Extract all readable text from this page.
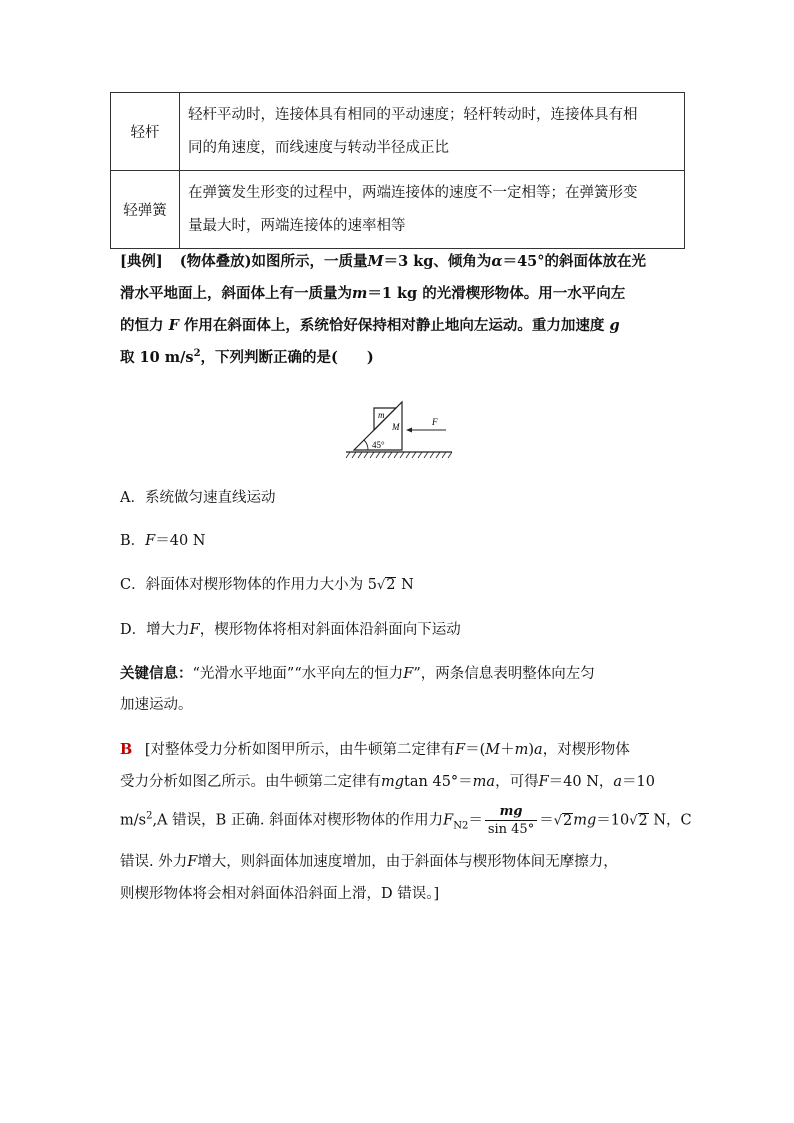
轻杆	轻杆平动时，连接体具有相同的平动速度；轻杆转动时，连接体具有相
同的角速度，而线速度与转动半径成正比

轻弹簧	在弹簧发生形变的过程中，两端连接体的速度不一定相等；在弹簧形变
量最大时，两端连接体的速率相等
[典例] (物体叠放)如图所示，一质量M＝3 kg、倾角为α＝45°的斜面体放在光
滑水平地面上，斜面体上有一质量为m＝1 kg 的光滑楔形物体。用一水平向左
的恒力 F 作用在斜面体上，系统恰好保持相对静止地向左运动。重力加速度 g
取 10 $m/s^2$，下列判断正确的是(　　)
m
M	F
45°
A．系统做匀速直线运动
B．F＝40 N
C．斜面体对楔形物体的作用力大小为 5√2 N
D．增大力F，楔形物体将相对斜面体沿斜面向下运动
关键信息：“光滑水平地面”“水平向左的恒力F”，两条信息表明整体向左匀
加速运动。
B [对整体受力分析如图甲所示，由牛顿第二定律有F＝(M＋m)a，对楔形物体
受力分析如图乙所示。由牛顿第二定律有mgtan 45°＝ma，可得F＝40 N，a＝10
$m/s^2,A$ 错误，B 正确. 斜面体对楔形物体的作用力$F_{N2}= \frac{mg}{\sin 45^\circ} =√2mg=10√2$ N，C
错误. 外力F增大，则斜面体加速度增加，由于斜面体与楔形物体间无摩擦力，
则楔形物体将会相对斜面体沿斜面上滑，D 错误。]
